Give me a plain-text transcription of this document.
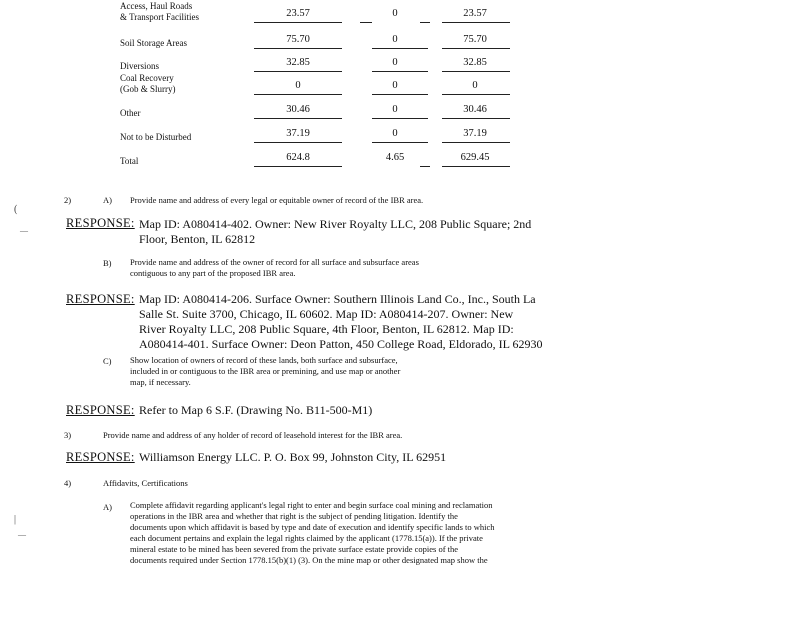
Access, Haul Roads
& Transport Facilities	23.57	0	23.57
Soil Storage Areas	75.70	0	75.70
Diversions	32.85	0	32.85
Coal Recovery
(Gob & Slurry)	0	0	0
Other	30.46	0	30.46
Not to be Disturbed	37.19	0	37.19
Total	624.8	4.65	629.45
(
—
|
—
2)	A) Provide name and address of every legal or equitable owner of record of the IBR area.
RESPONSE: Map ID: A080414-402. Owner: New River Royalty LLC, 208 Public Square; 2nd
Floor, Benton, IL 62812
B) Provide name and address of the owner of record for all surface and subsurface areas
contiguous to any part of the proposed IBR area.
RESPONSE: Map ID: A080414-206. Surface Owner: Southern Illinois Land Co., Inc., South La
Salle St. Suite 3700, Chicago, IL 60602. Map ID: A080414-207. Owner: New
River Royalty LLC, 208 Public Square, 4th Floor, Benton, IL 62812. Map ID:
A080414-401. Surface Owner: Deon Patton, 450 College Road, Eldorado, IL 62930
C) Show location of owners of record of these lands, both surface and subsurface,
included in or contiguous to the IBR area or premining, and use map or another
map, if necessary.
RESPONSE: Refer to Map 6 S.F. (Drawing No. B11-500-M1)
3)	Provide name and address of any holder of record of leasehold interest for the IBR area.
RESPONSE: Williamson Energy LLC. P. O. Box 99, Johnston City, IL 62951
4)	Affidavits, Certifications
A) Complete affidavit regarding applicant's legal right to enter and begin surface coal mining and reclamation
operations in the IBR area and whether that right is the subject of pending litigation. Identify the
documents upon which affidavit is based by type and date of execution and identify specific lands to which
each document pertains and explain the legal rights claimed by the applicant (1778.15(a)). If the private
mineral estate to be mined has been severed from the private surface estate provide copies of the
documents required under Section 1778.15(b)(1) (3). On the mine map or other designated map show the
